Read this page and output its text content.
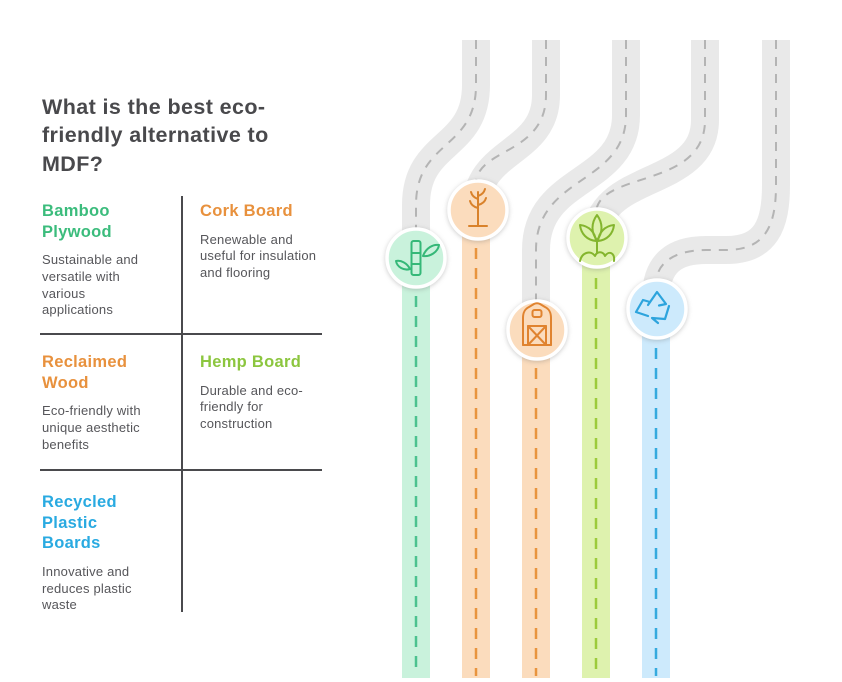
What is the best eco-friendly alternative to MDF?
Bamboo Plywood
Sustainable and versatile with various applications
Cork Board
Renewable and useful for insulation and flooring
Reclaimed Wood
Eco-friendly with unique aesthetic benefits
Hemp Board
Durable and eco-friendly for construction
Recycled Plastic Boards
Innovative and reduces plastic waste
